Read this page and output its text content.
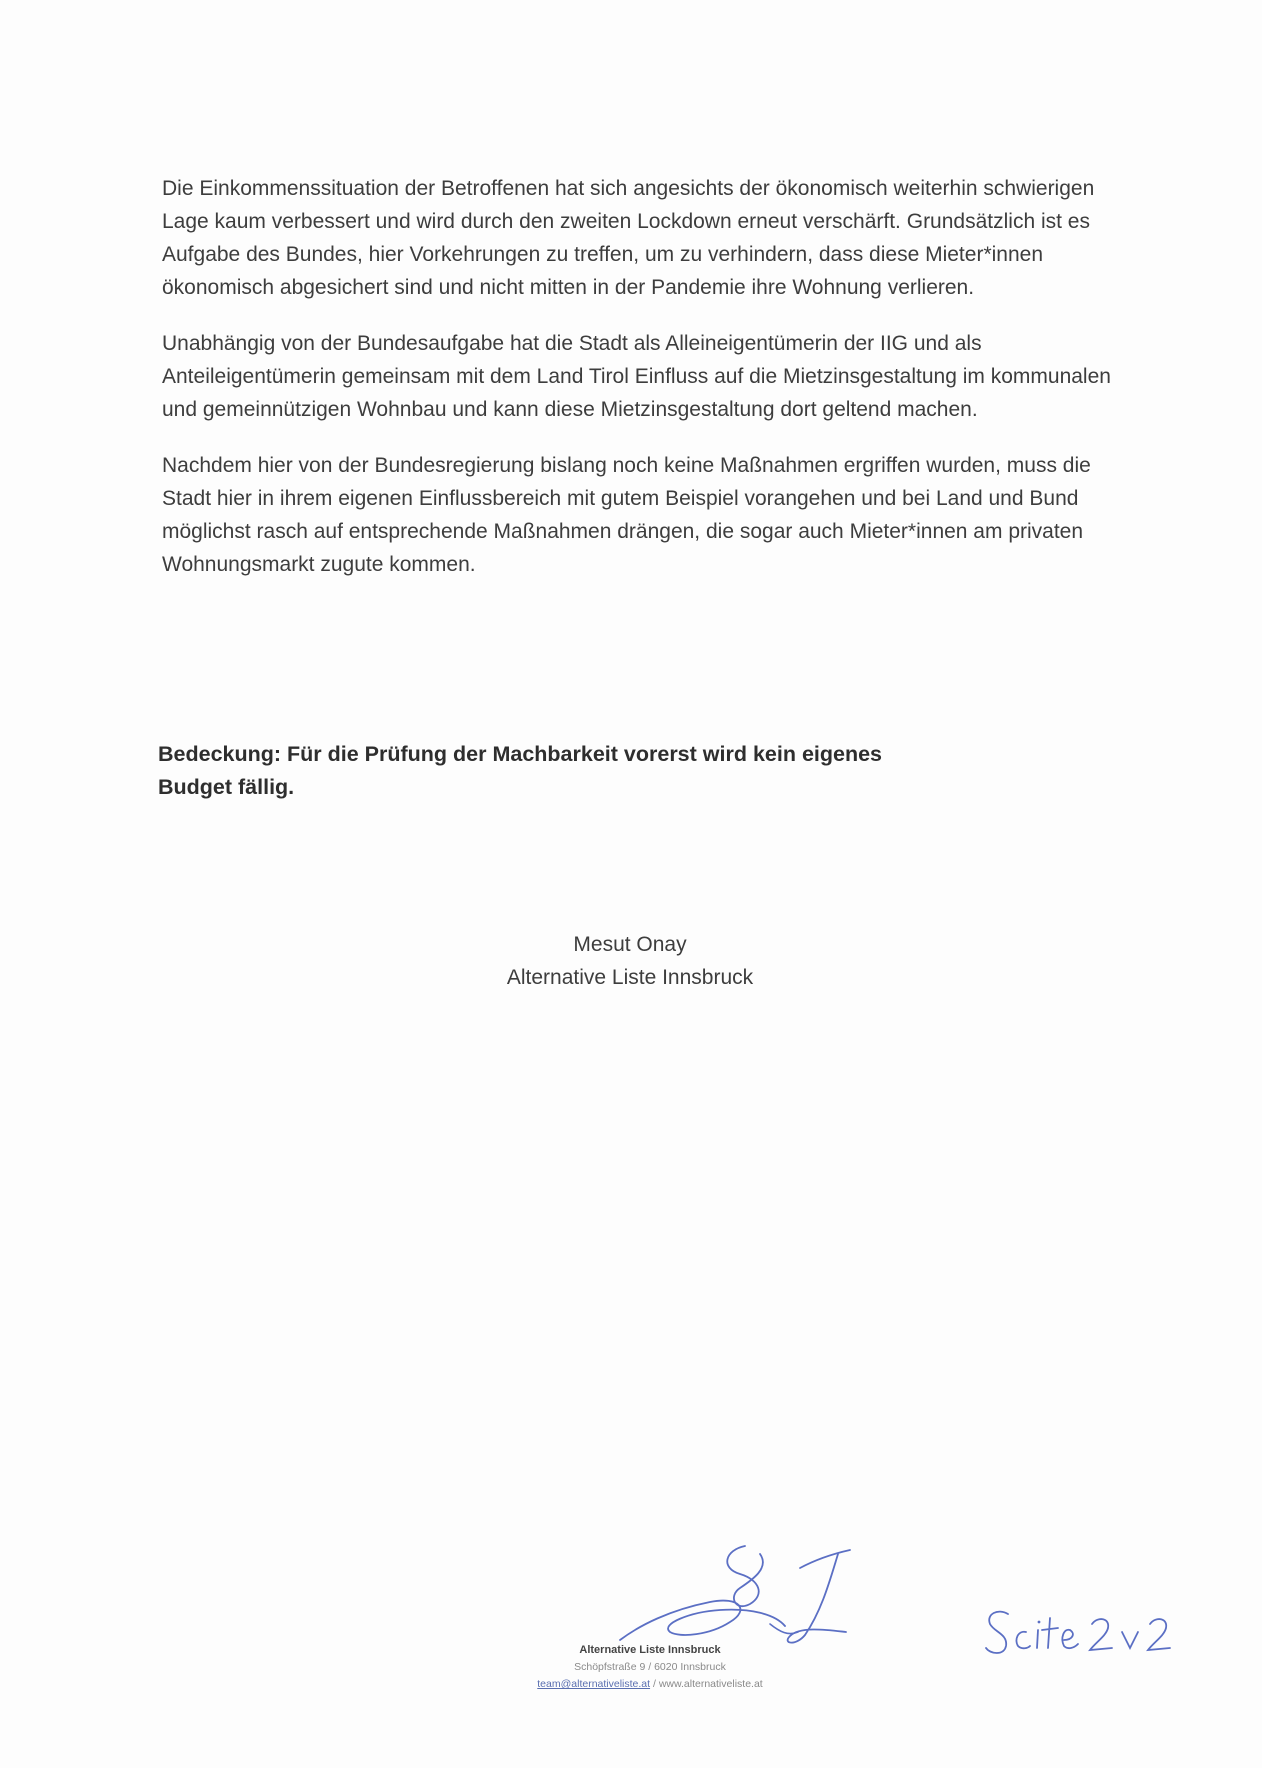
Die Einkommenssituation der Betroffenen hat sich angesichts der ökonomisch weiterhin schwierigen Lage kaum verbessert und wird durch den zweiten Lockdown erneut verschärft. Grundsätzlich ist es Aufgabe des Bundes, hier Vorkehrungen zu treffen, um zu verhindern, dass diese Mieter*innen ökonomisch abgesichert sind und nicht mitten in der Pandemie ihre Wohnung verlieren.

Unabhängig von der Bundesaufgabe hat die Stadt als Alleineigentümerin der IIG und als Anteileigentümerin gemeinsam mit dem Land Tirol Einfluss auf die Mietzinsgestaltung im kommunalen und gemeinnützigen Wohnbau und kann diese Mietzinsgestaltung dort geltend machen.

Nachdem hier von der Bundesregierung bislang noch keine Maßnahmen ergriffen wurden, muss die Stadt hier in ihrem eigenen Einflussbereich mit gutem Beispiel vorangehen und bei Land und Bund möglichst rasch auf entsprechende Maßnahmen drängen, die sogar auch Mieter*innen am privaten Wohnungsmarkt zugute kommen.

Bedeckung: Für die Prüfung der Machbarkeit vorerst wird kein eigenes
Budget fällig.
Mesut Onay
Alternative Liste Innsbruck
Alternative Liste Innsbruck
Schöpfstraße 9 / 6020 Innsbruck
team@alternativeliste.at / www.alternativeliste.at
